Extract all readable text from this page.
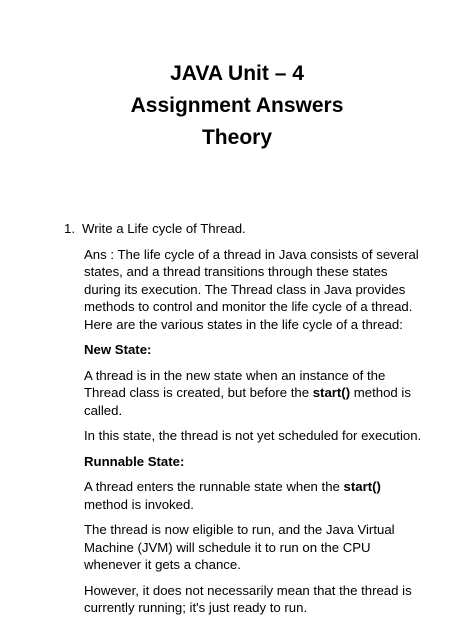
JAVA Unit – 4

Assignment Answers

Theory

1. Write a Life cycle of Thread.

Ans : The life cycle of a thread in Java consists of several states, and a thread transitions through these states during its execution. The Thread class in Java provides methods to control and monitor the life cycle of a thread. Here are the various states in the life cycle of a thread:

New State:

A thread is in the new state when an instance of the Thread class is created, but before the start() method is called.

In this state, the thread is not yet scheduled for execution.

Runnable State:

A thread enters the runnable state when the start() method is invoked.

The thread is now eligible to run, and the Java Virtual Machine (JVM) will schedule it to run on the CPU whenever it gets a chance.

However, it does not necessarily mean that the thread is currently running; it's just ready to run.
